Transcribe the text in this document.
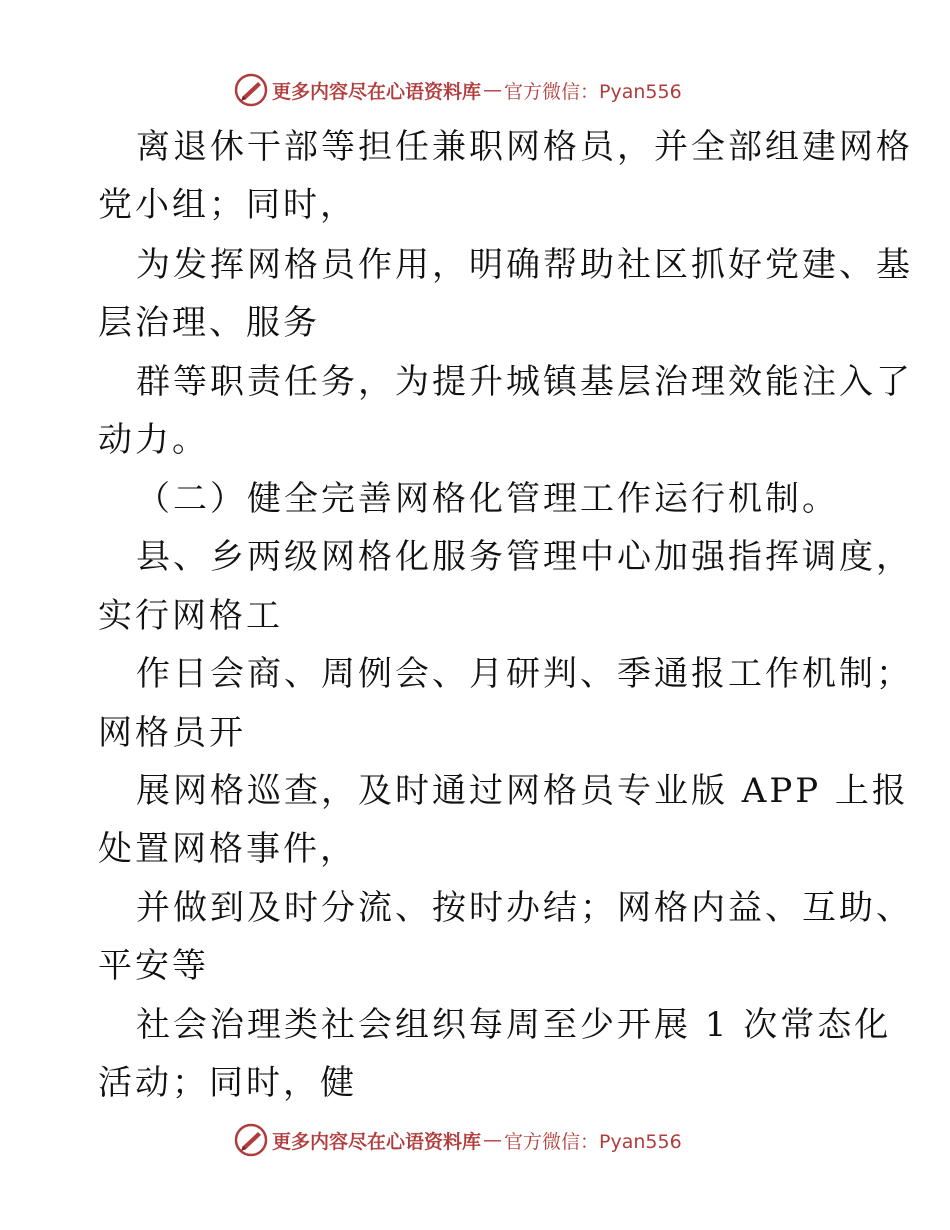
更多内容尽在心语资料库 — 官方微信：Pyan556
离退休干部等担任兼职网格员，并全部组建网格
党小组；同时，
为发挥网格员作用，明确帮助社区抓好党建、基
层治理、服务
群等职责任务，为提升城镇基层治理效能注入了
动力。
（二）健全完善网格化管理工作运行机制。
县、乡两级网格化服务管理中心加强指挥调度，
实行网格工
作日会商、周例会、月研判、季通报工作机制；
网格员开
展网格巡查，及时通过网格员专业版 APP 上报
处置网格事件，
并做到及时分流、按时办结；网格内益、互助、
平安等
社会治理类社会组织每周至少开展 1 次常态化
活动；同时，健
更多内容尽在心语资料库 — 官方微信：Pyan556
